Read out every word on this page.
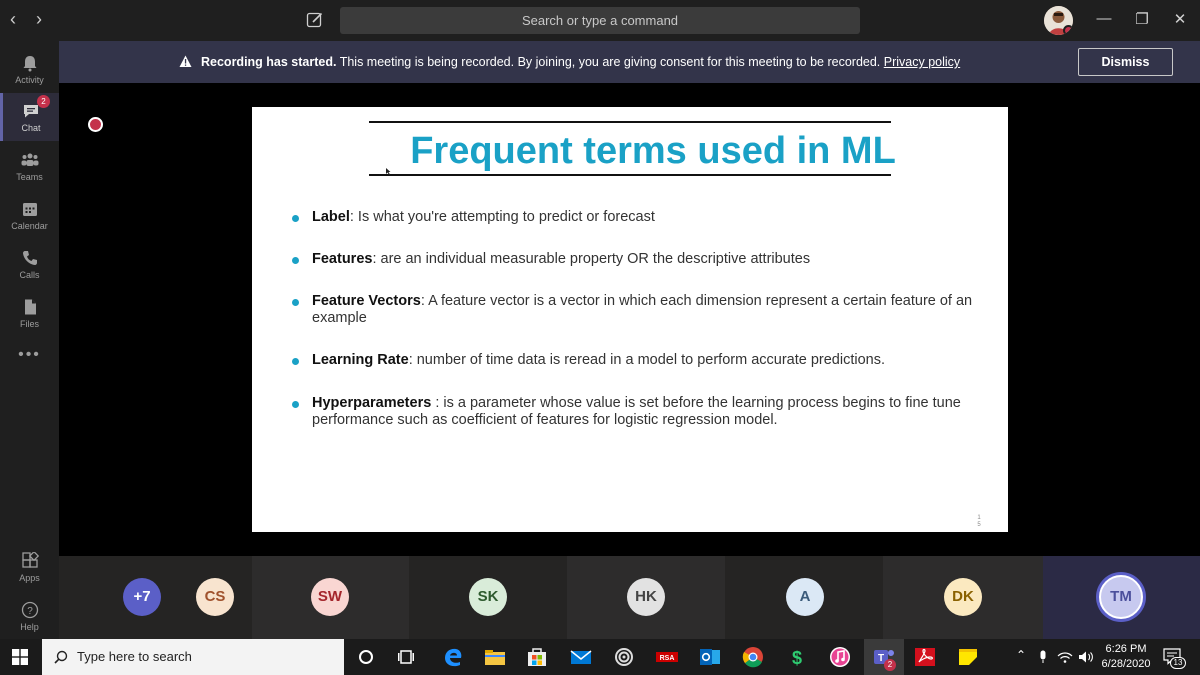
‹ ›	Search or type a command	— ❐ ✕
Activity
Chat
2
Teams
Calendar
Calls
Files
•••
Apps
?
Help
Recording has started. This meeting is being recorded. By joining, you are giving consent for this meeting to be recorded. Privacy policy	Dismiss
Frequent terms used in ML
Label: Is what you're attempting to predict or forecast
Features: are an individual measurable property OR the descriptive attributes
Feature Vectors: A feature vector is a vector in which each dimension represent a certain feature of an example
Learning Rate: number of time data is reread in a model to perform accurate predictions.
Hyperparameters : is a parameter whose value is set before the learning process begins to fine tune performance such as coefficient of features for logistic regression model.
15
+7	CS	SW	SK	HK	A	DK	TM
Type here to search	RSA	$	T
2
⌃	6:26 PM
6/28/2020	13
